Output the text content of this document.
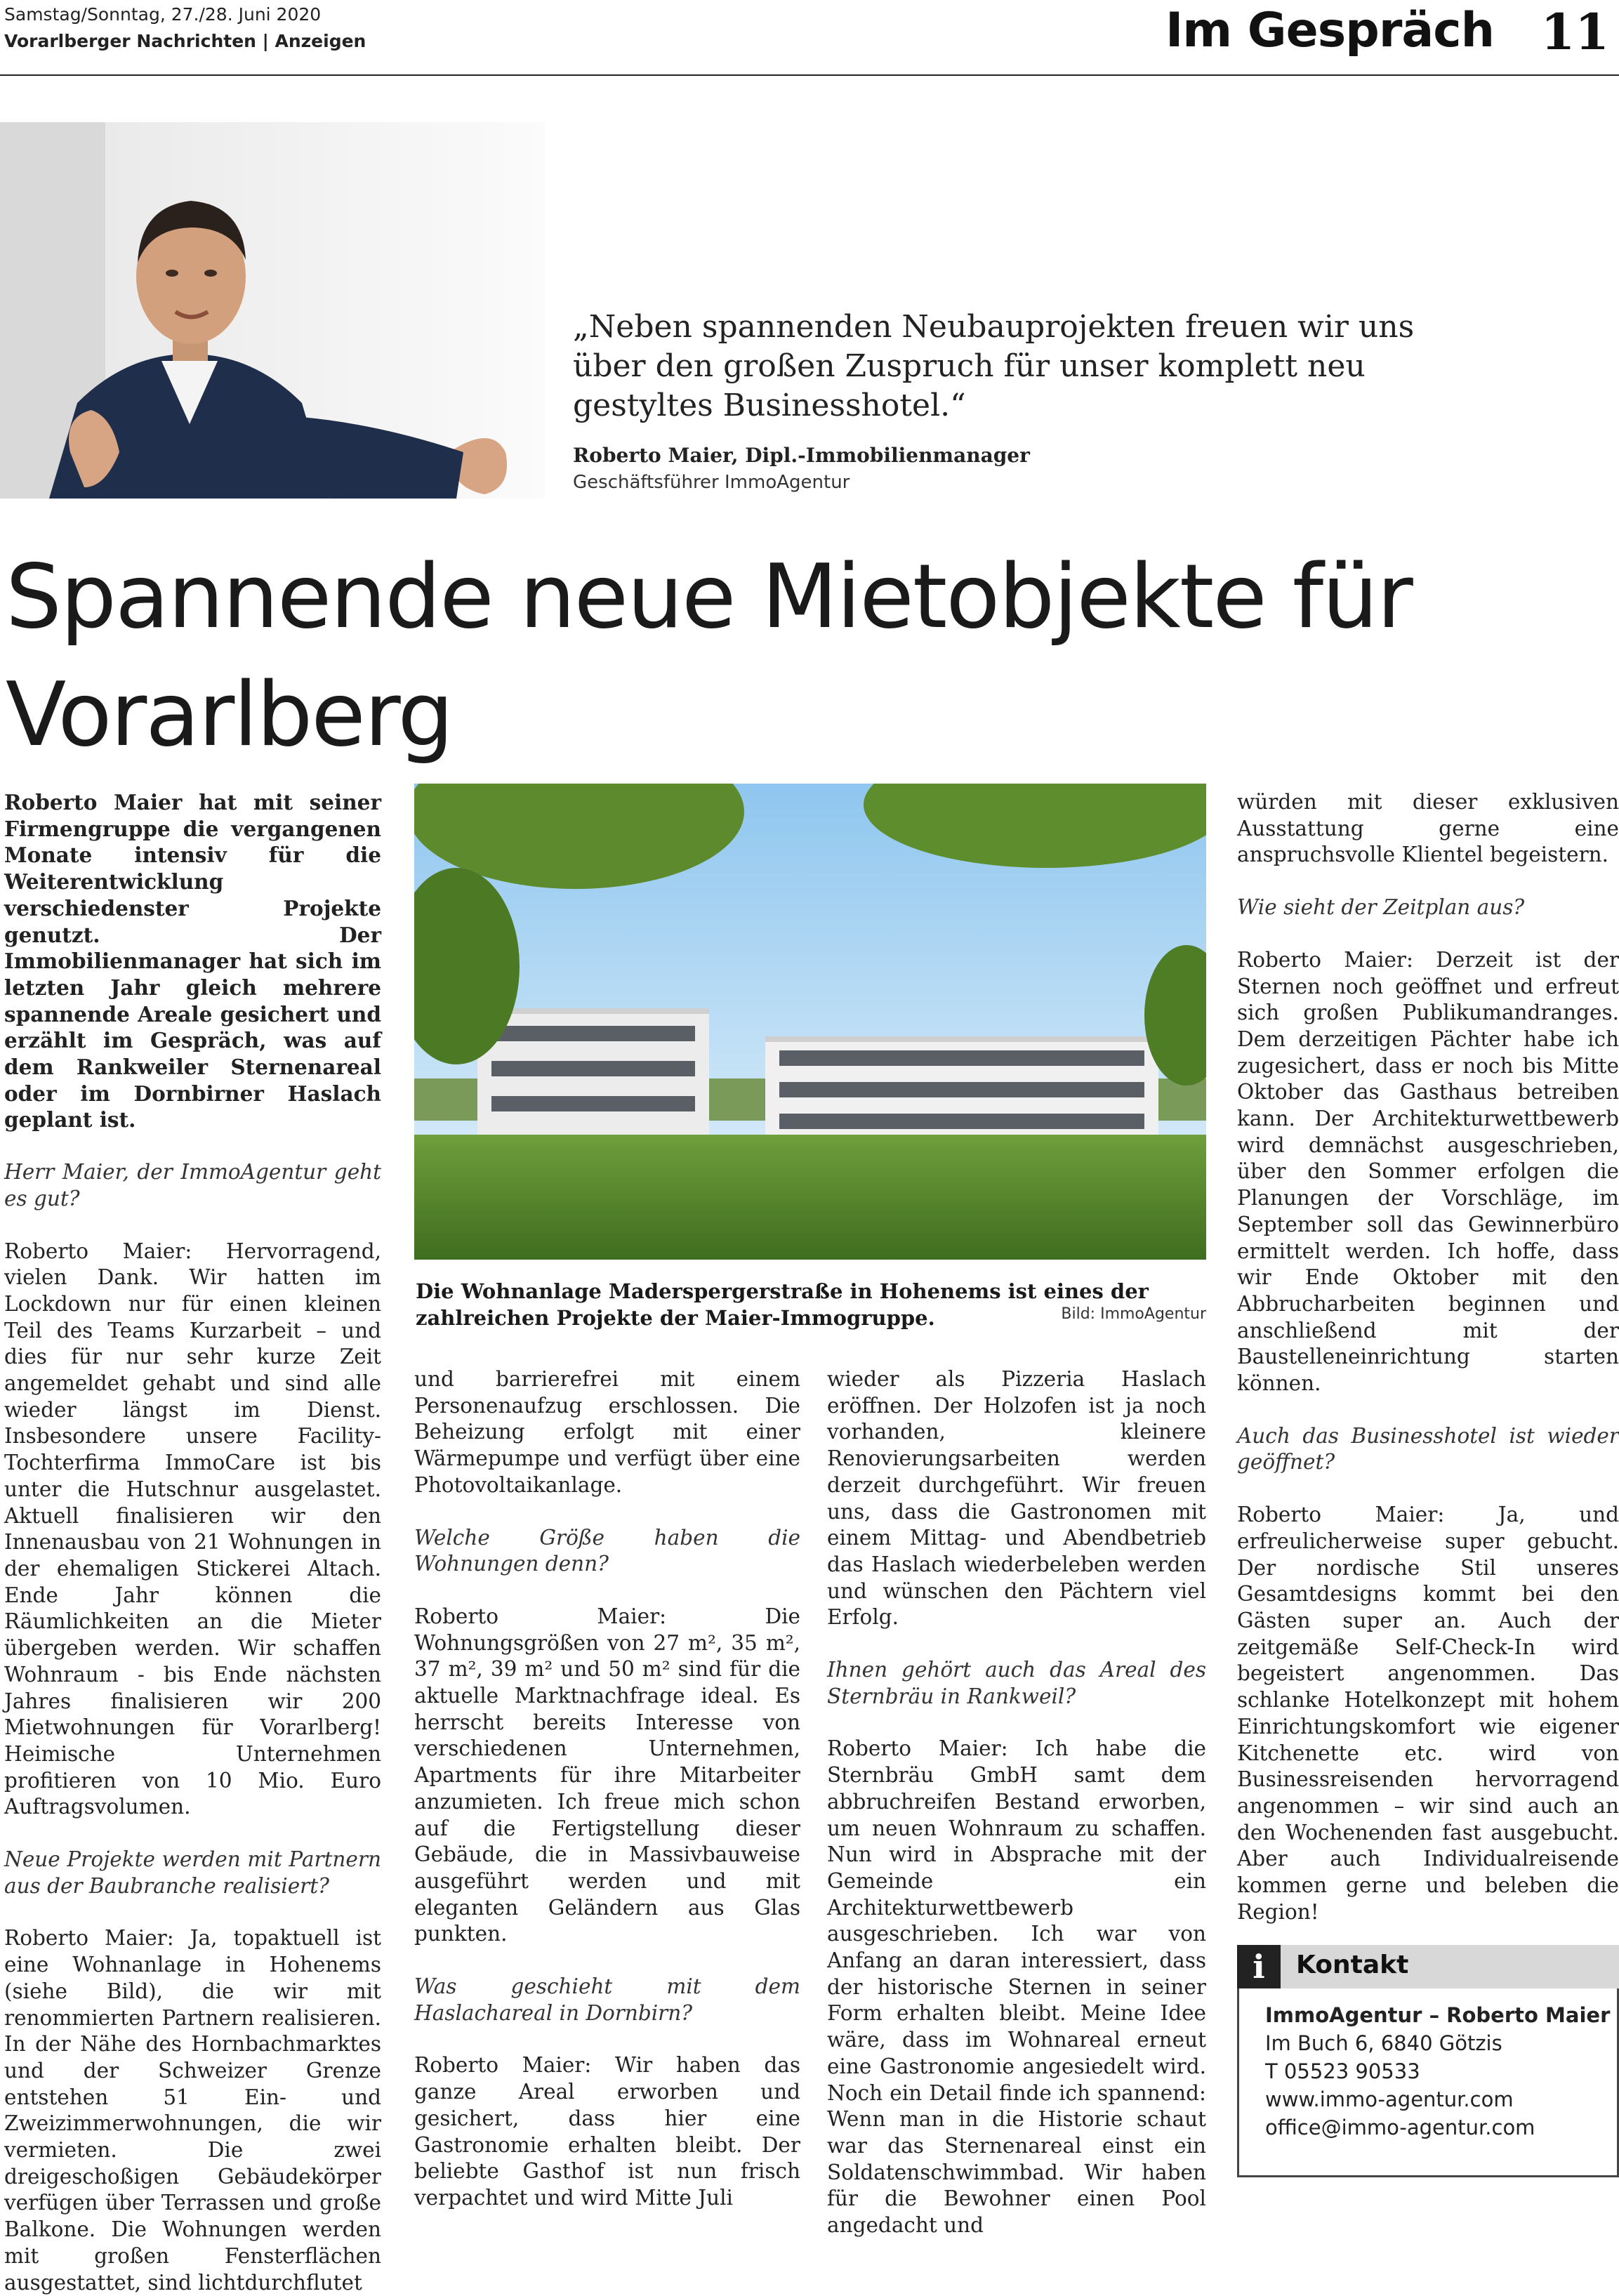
Samstag/Sonntag, 27./28. Juni 2020
Vorarlberger Nachrichten | Anzeigen	Im Gespräch 11
„Neben spannenden Neubauprojekten freuen wir uns über den großen Zuspruch für unser komplett neu gestyltes Businesshotel.“
Roberto Maier, Dipl.-Immobilienmanager
Geschäftsführer ImmoAgentur
Spannende neue Mietobjekte für Vorarlberg

Roberto Maier hat mit seiner Firmengruppe die vergangenen Monate intensiv für die Weiterentwicklung verschiedenster Projekte genutzt. Der Immobilienmanager hat sich im letzten Jahr gleich mehrere spannende Areale gesichert und erzählt im Gespräch, was auf dem Rankweiler Sternenareal oder im Dornbirner Haslach geplant ist.

Herr Maier, der ImmoAgentur geht es gut?

Roberto Maier: Hervorragend, vielen Dank. Wir hatten im Lockdown nur für einen kleinen Teil des Teams Kurzarbeit – und dies für nur sehr kurze Zeit angemeldet gehabt und sind alle wieder längst im Dienst. Insbesondere unsere Facility-Tochterfirma ImmoCare ist bis unter die Hutschnur ausgelastet. Aktuell finalisieren wir den Innenausbau von 21 Wohnungen in der ehemaligen Stickerei Altach. Ende Jahr können die Räumlichkeiten an die Mieter übergeben werden. Wir schaffen Wohnraum - bis Ende nächsten Jahres finalisieren wir 200 Mietwohnungen für Vorarlberg! Heimische Unternehmen profitieren von 10 Mio. Euro Auftragsvolumen.

Neue Projekte werden mit Partnern aus der Baubranche realisiert?

Roberto Maier: Ja, topaktuell ist eine Wohnanlage in Hohenems (siehe Bild), die wir mit renommierten Partnern realisieren. In der Nähe des Hornbachmarktes und der Schweizer Grenze entstehen 51 Ein- und Zweizimmerwohnungen, die wir vermieten. Die zwei dreigeschoßigen Gebäudekörper verfügen über Terrassen und große Balkone. Die Wohnungen werden mit großen Fensterflächen ausgestattet, sind lichtdurchflutet

Die Wohnanlage Maderspergerstraße in Hohenems ist eines der zahlreichen Projekte der Maier-Immogruppe.	Bild: ImmoAgentur

und barrierefrei mit einem Personenaufzug erschlossen. Die Beheizung erfolgt mit einer Wärmepumpe und verfügt über eine Photovoltaikanlage.

Welche Größe haben die Wohnungen denn?

Roberto Maier: Die Wohnungsgrößen von 27 m², 35 m², 37 m², 39 m² und 50 m² sind für die aktuelle Marktnachfrage ideal. Es herrscht bereits Interesse von verschiedenen Unternehmen, Apartments für ihre Mitarbeiter anzumieten. Ich freue mich schon auf die Fertigstellung dieser Gebäude, die in Massivbauweise ausgeführt werden und mit eleganten Geländern aus Glas punkten.

Was geschieht mit dem Haslachareal in Dornbirn?

Roberto Maier: Wir haben das ganze Areal erworben und gesichert, dass hier eine Gastronomie erhalten bleibt. Der beliebte Gasthof ist nun frisch verpachtet und wird Mitte Juli

wieder als Pizzeria Haslach eröffnen. Der Holzofen ist ja noch vorhanden, kleinere Renovierungsarbeiten werden derzeit durchgeführt. Wir freuen uns, dass die Gastronomen mit einem Mittag- und Abendbetrieb das Haslach wiederbeleben werden und wünschen den Pächtern viel Erfolg.

Ihnen gehört auch das Areal des Sternbräu in Rankweil?

Roberto Maier: Ich habe die Sternbräu GmbH samt dem abbruchreifen Bestand erworben, um neuen Wohnraum zu schaffen. Nun wird in Absprache mit der Gemeinde ein Architekturwettbewerb ausgeschrieben. Ich war von Anfang an daran interessiert, dass der historische Sternen in seiner Form erhalten bleibt. Meine Idee wäre, dass im Wohnareal erneut eine Gastronomie angesiedelt wird. Noch ein Detail finde ich spannend: Wenn man in die Historie schaut war das Sternenareal einst ein Soldatenschwimmbad. Wir haben für die Bewohner einen Pool angedacht und

würden mit dieser exklusiven Ausstattung gerne eine anspruchsvolle Klientel begeistern.

Wie sieht der Zeitplan aus?

Roberto Maier: Derzeit ist der Sternen noch geöffnet und erfreut sich großen Publikumandranges. Dem derzeitigen Pächter habe ich zugesichert, dass er noch bis Mitte Oktober das Gasthaus betreiben kann. Der Architekturwettbewerb wird demnächst ausgeschrieben, über den Sommer erfolgen die Planungen der Vorschläge, im September soll das Gewinnerbüro ermittelt werden. Ich hoffe, dass wir Ende Oktober mit den Abbrucharbeiten beginnen und anschließend mit der Baustelleneinrichtung starten können.

Auch das Businesshotel ist wieder geöffnet?

Roberto Maier: Ja, und erfreulicherweise super gebucht. Der nordische Stil unseres Gesamtdesigns kommt bei den Gästen super an. Auch der zeitgemäße Self-Check-In wird begeistert angenommen. Das schlanke Hotelkonzept mit hohem Einrichtungskomfort wie eigener Kitchenette etc. wird von Businessreisenden hervorragend angenommen – wir sind auch an den Wochenenden fast ausgebucht. Aber auch Individualreisende kommen gerne und beleben die Region!

i	Kontakt
ImmoAgentur – Roberto Maier
Im Buch 6, 6840 Götzis
T 05523 90533
www.immo-agentur.com
office@immo-agentur.com
